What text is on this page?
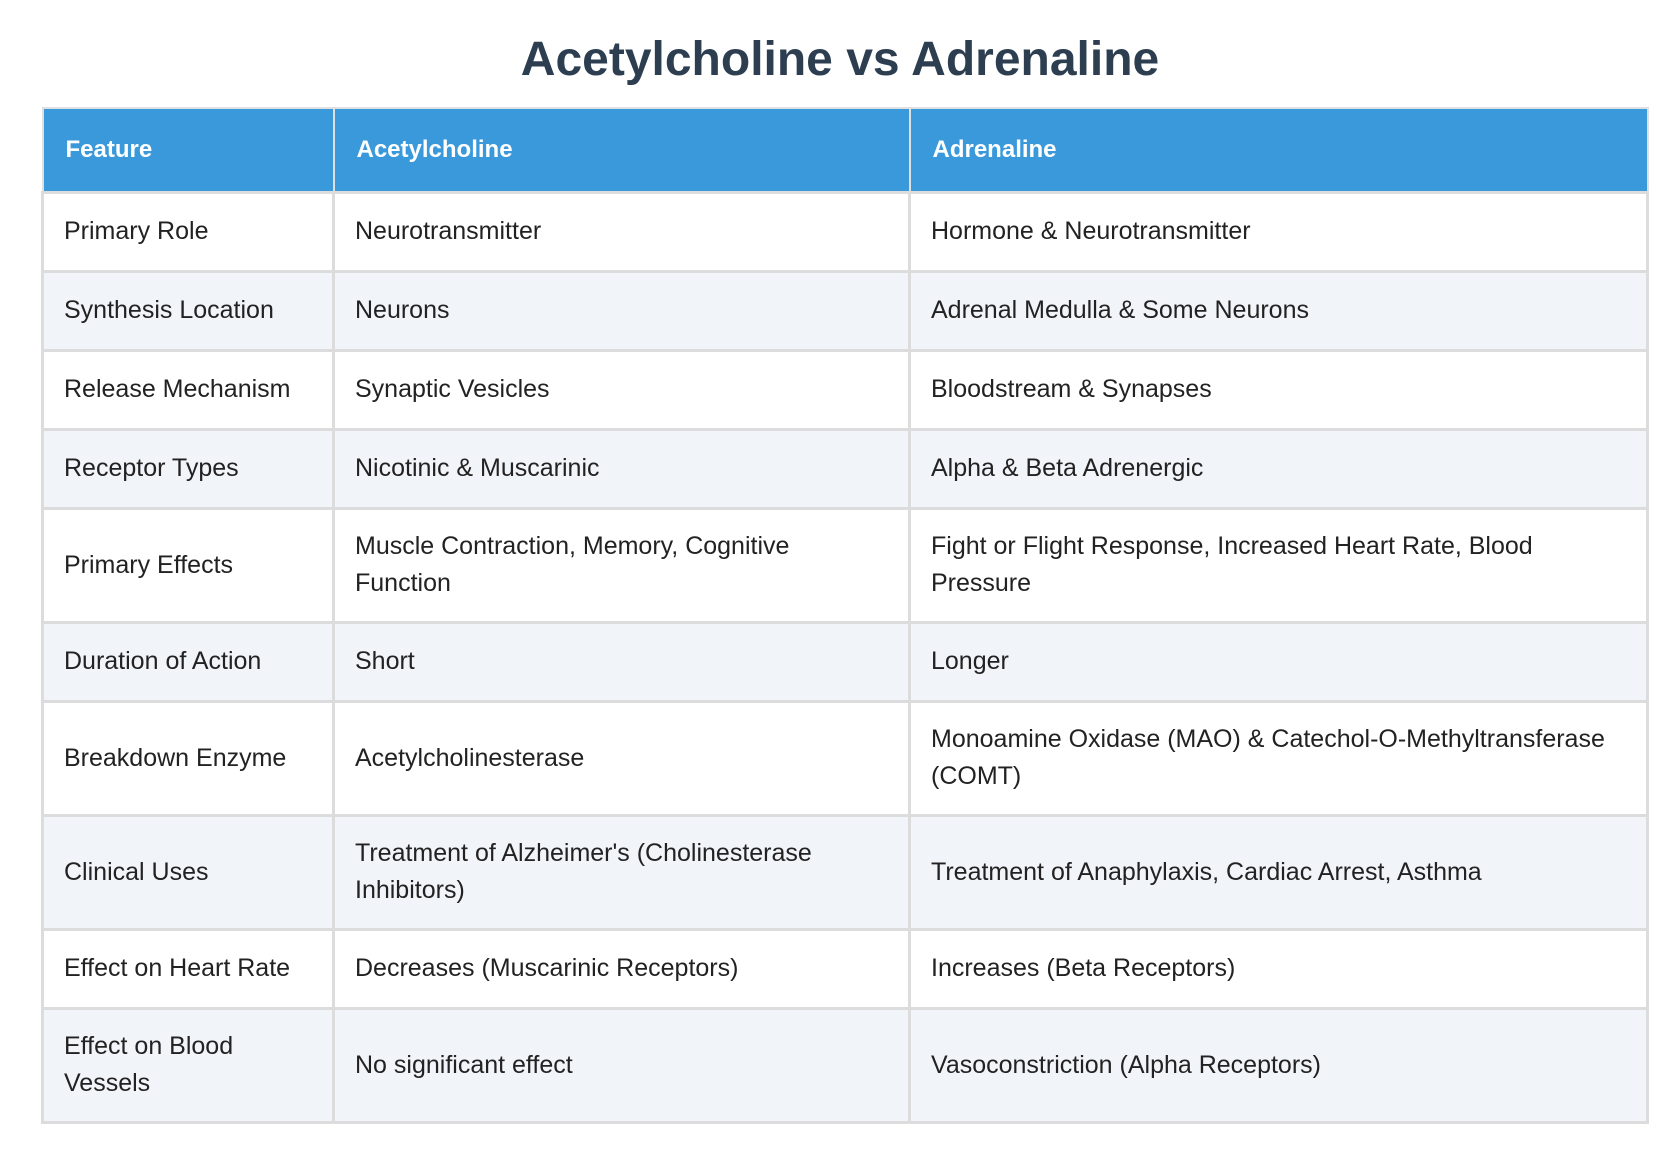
Acetylcholine vs Adrenaline
Feature	Acetylcholine	Adrenaline
Primary Role	Neurotransmitter	Hormone & Neurotransmitter
Synthesis Location	Neurons	Adrenal Medulla & Some Neurons
Release Mechanism	Synaptic Vesicles	Bloodstream & Synapses
Receptor Types	Nicotinic & Muscarinic	Alpha & Beta Adrenergic
Primary Effects	Muscle Contraction, Memory, Cognitive Function	Fight or Flight Response, Increased Heart Rate, Blood Pressure
Duration of Action	Short	Longer
Breakdown Enzyme	Acetylcholinesterase	Monoamine Oxidase (MAO) & Catechol-O-Methyltransferase (COMT)
Clinical Uses	Treatment of Alzheimer's (Cholinesterase Inhibitors)	Treatment of Anaphylaxis, Cardiac Arrest, Asthma
Effect on Heart Rate	Decreases (Muscarinic Receptors)	Increases (Beta Receptors)
Effect on Blood Vessels	No significant effect	Vasoconstriction (Alpha Receptors)
